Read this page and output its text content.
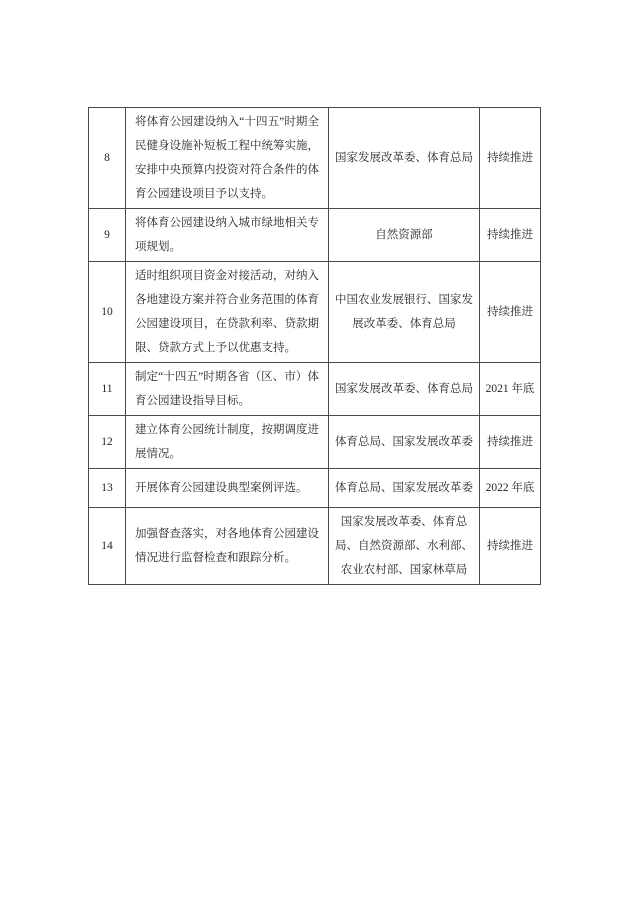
8	将体育公园建设纳入“十四五”时期全民健身设施补短板工程中统筹实施，安排中央预算内投资对符合条件的体育公园建设项目予以支持。	国家发展改革委、体育总局	持续推进
9	将体育公园建设纳入城市绿地相关专项规划。	自然资源部	持续推进
10	适时组织项目资金对接活动，对纳入各地建设方案并符合业务范围的体育公园建设项目，在贷款利率、贷款期限、贷款方式上予以优惠支持。	中国农业发展银行、国家发展改革委、体育总局	持续推进
11	制定“十四五”时期各省（区、市）体育公园建设指导目标。	国家发展改革委、体育总局	2021 年底
12	建立体育公园统计制度，按期调度进展情况。	体育总局、国家发展改革委	持续推进
13	开展体育公园建设典型案例评选。	体育总局、国家发展改革委	2022 年底
14	加强督查落实，对各地体育公园建设情况进行监督检查和跟踪分析。	国家发展改革委、体育总局、自然资源部、水利部、农业农村部、国家林草局	持续推进
